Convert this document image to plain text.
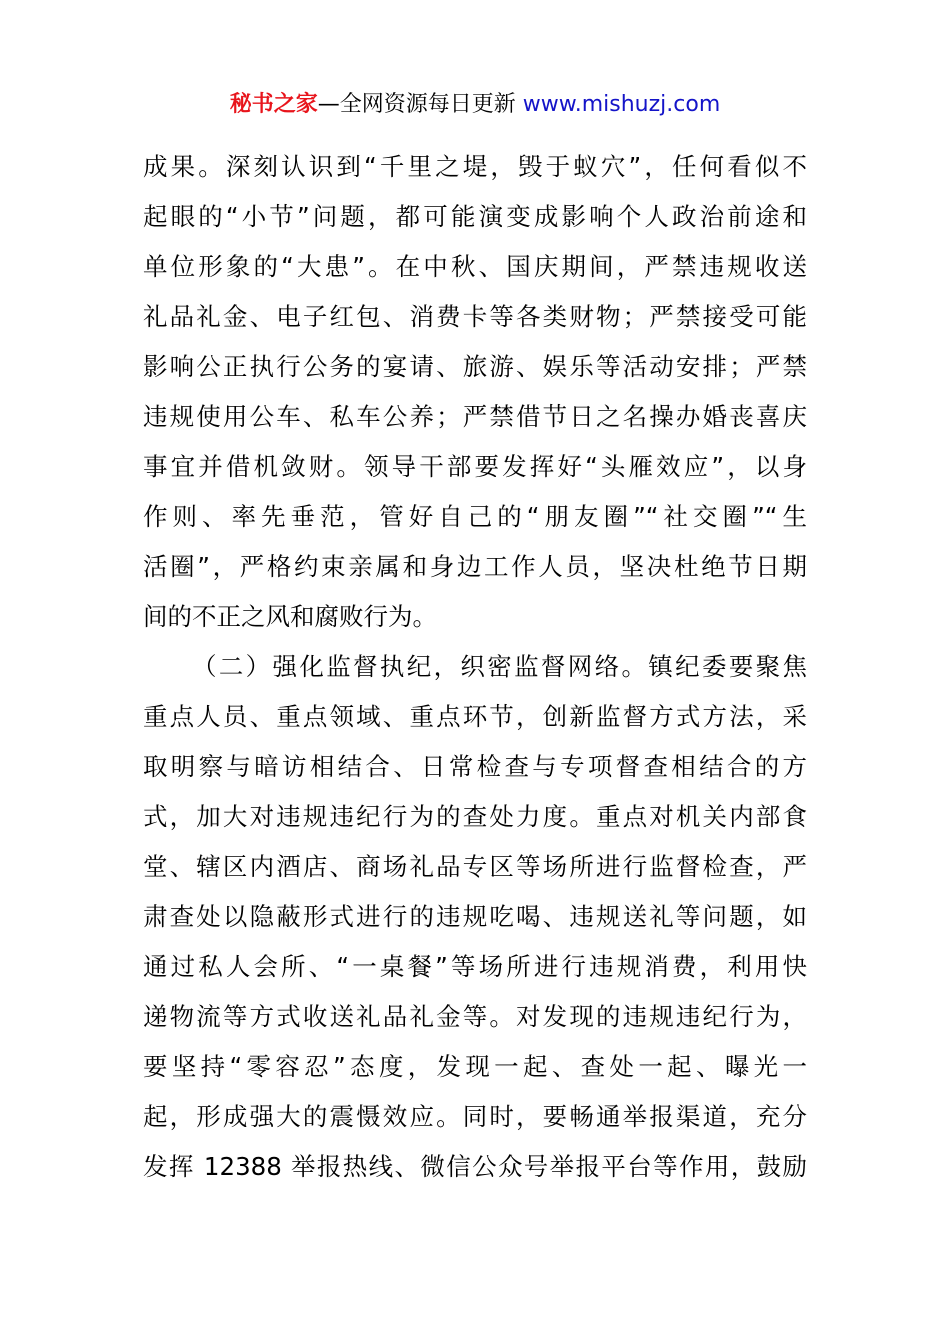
秘书之家—全网资源每日更新 www.mishuzj.com
成果。深刻认识到“千里之堤，毁于蚁穴”，任何看似不
起眼的“小节”问题，都可能演变成影响个人政治前途和
单位形象的“大患”。在中秋、国庆期间，严禁违规收送
礼品礼金、电子红包、消费卡等各类财物；严禁接受可能
影响公正执行公务的宴请、旅游、娱乐等活动安排；严禁
违规使用公车、私车公养；严禁借节日之名操办婚丧喜庆
事宜并借机敛财。领导干部要发挥好“头雁效应”，以身
作则、率先垂范，管好自己的“朋友圈”“社交圈”“生
活圈”，严格约束亲属和身边工作人员，坚决杜绝节日期
间的不正之风和腐败行为。
（二）强化监督执纪，织密监督网络。镇纪委要聚焦
重点人员、重点领域、重点环节，创新监督方式方法，采
取明察与暗访相结合、日常检查与专项督查相结合的方
式，加大对违规违纪行为的查处力度。重点对机关内部食
堂、辖区内酒店、商场礼品专区等场所进行监督检查，严
肃查处以隐蔽形式进行的违规吃喝、违规送礼等问题，如
通过私人会所、“一桌餐”等场所进行违规消费，利用快
递物流等方式收送礼品礼金等。对发现的违规违纪行为，
要坚持“零容忍”态度，发现一起、查处一起、曝光一
起，形成强大的震慑效应。同时，要畅通举报渠道，充分
发挥 12388 举报热线、微信公众号举报平台等作用，鼓励
